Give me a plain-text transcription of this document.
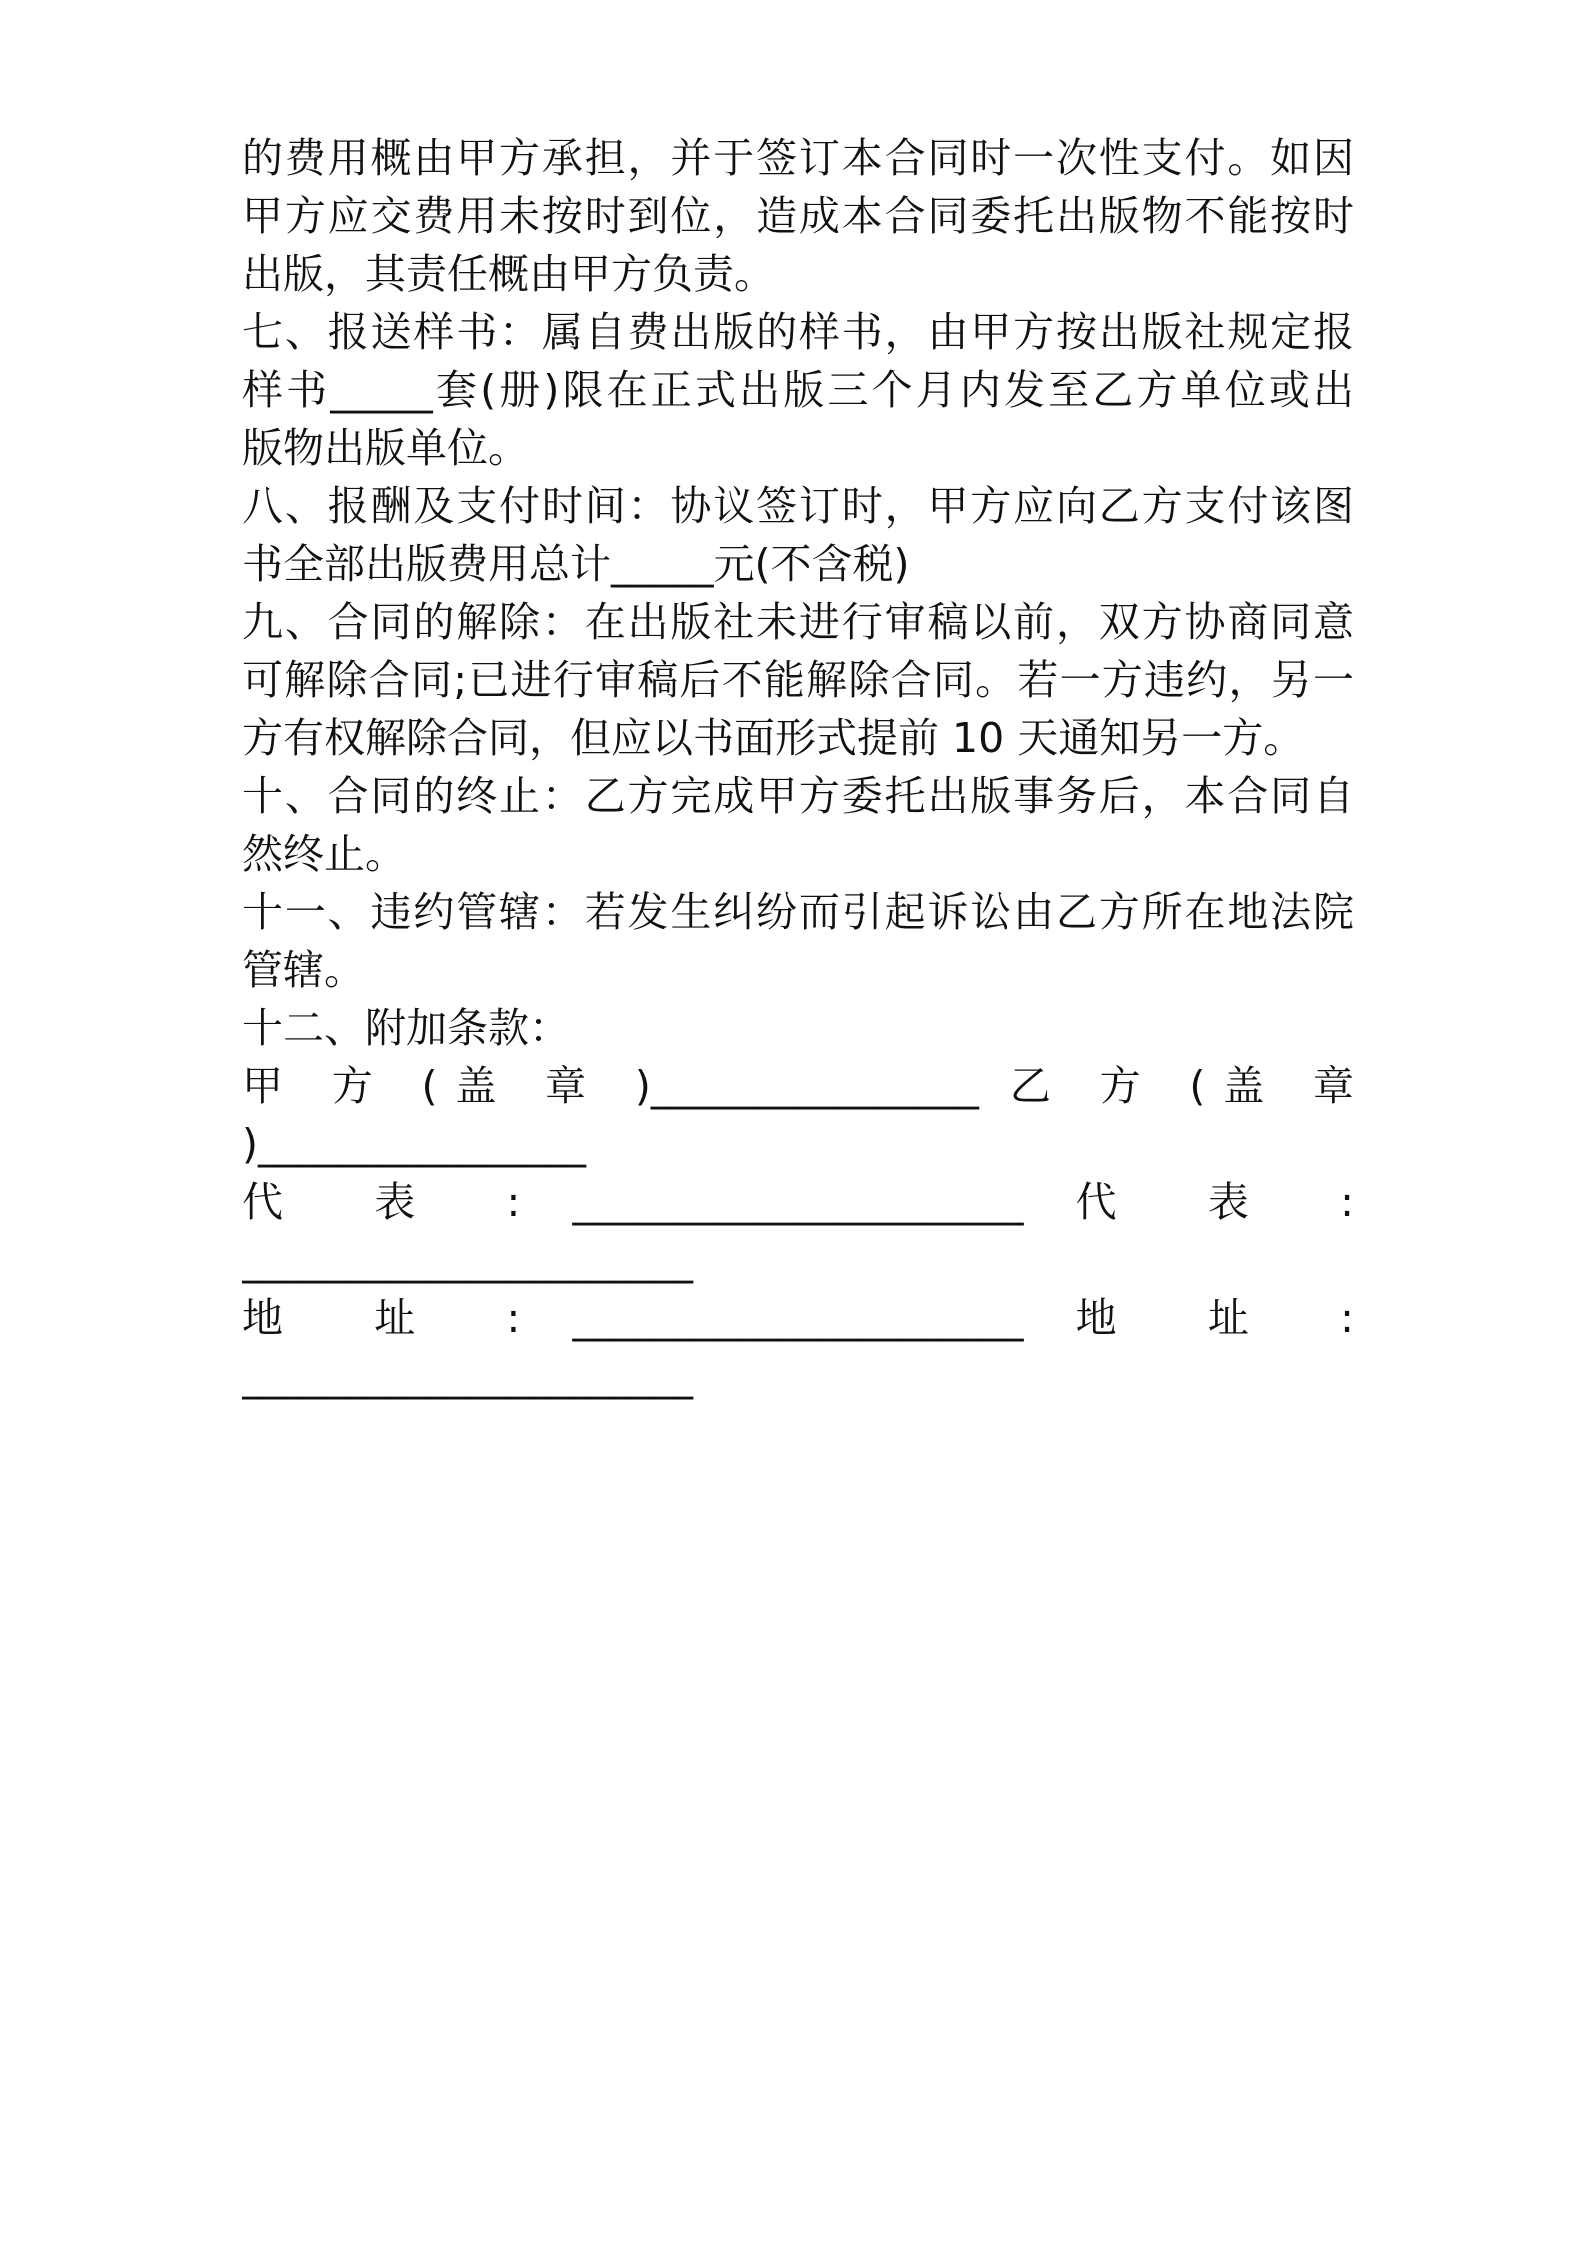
的费用概由甲方承担，并于签订本合同时一次性支付。如因
甲方应交费用未按时到位，造成本合同委托出版物不能按时
出版，其责任概由甲方负责。
七、报送样书：属自费出版的样书，由甲方按出版社规定报
样书_____套(册)限在正式出版三个月内发至乙方单位或出
版物出版单位。
八、报酬及支付时间：协议签订时，甲方应向乙方支付该图
书全部出版费用总计_____元(不含税)
九、合同的解除：在出版社未进行审稿以前，双方协商同意
可解除合同;已进行审稿后不能解除合同。若一方违约，另一
方有权解除合同，但应以书面形式提前 10 天通知另一方。
十、合同的终止：乙方完成甲方委托出版事务后，本合同自
然终止。
十一、违约管辖：若发生纠纷而引起诉讼由乙方所在地法院
管辖。
十二、附加条款：
甲 方 (盖 章 )________________ 乙 方 (盖 章
)________________
代 表 : ______________________ 代 表 :
______________________
地 址 : ______________________ 地 址 :
______________________
